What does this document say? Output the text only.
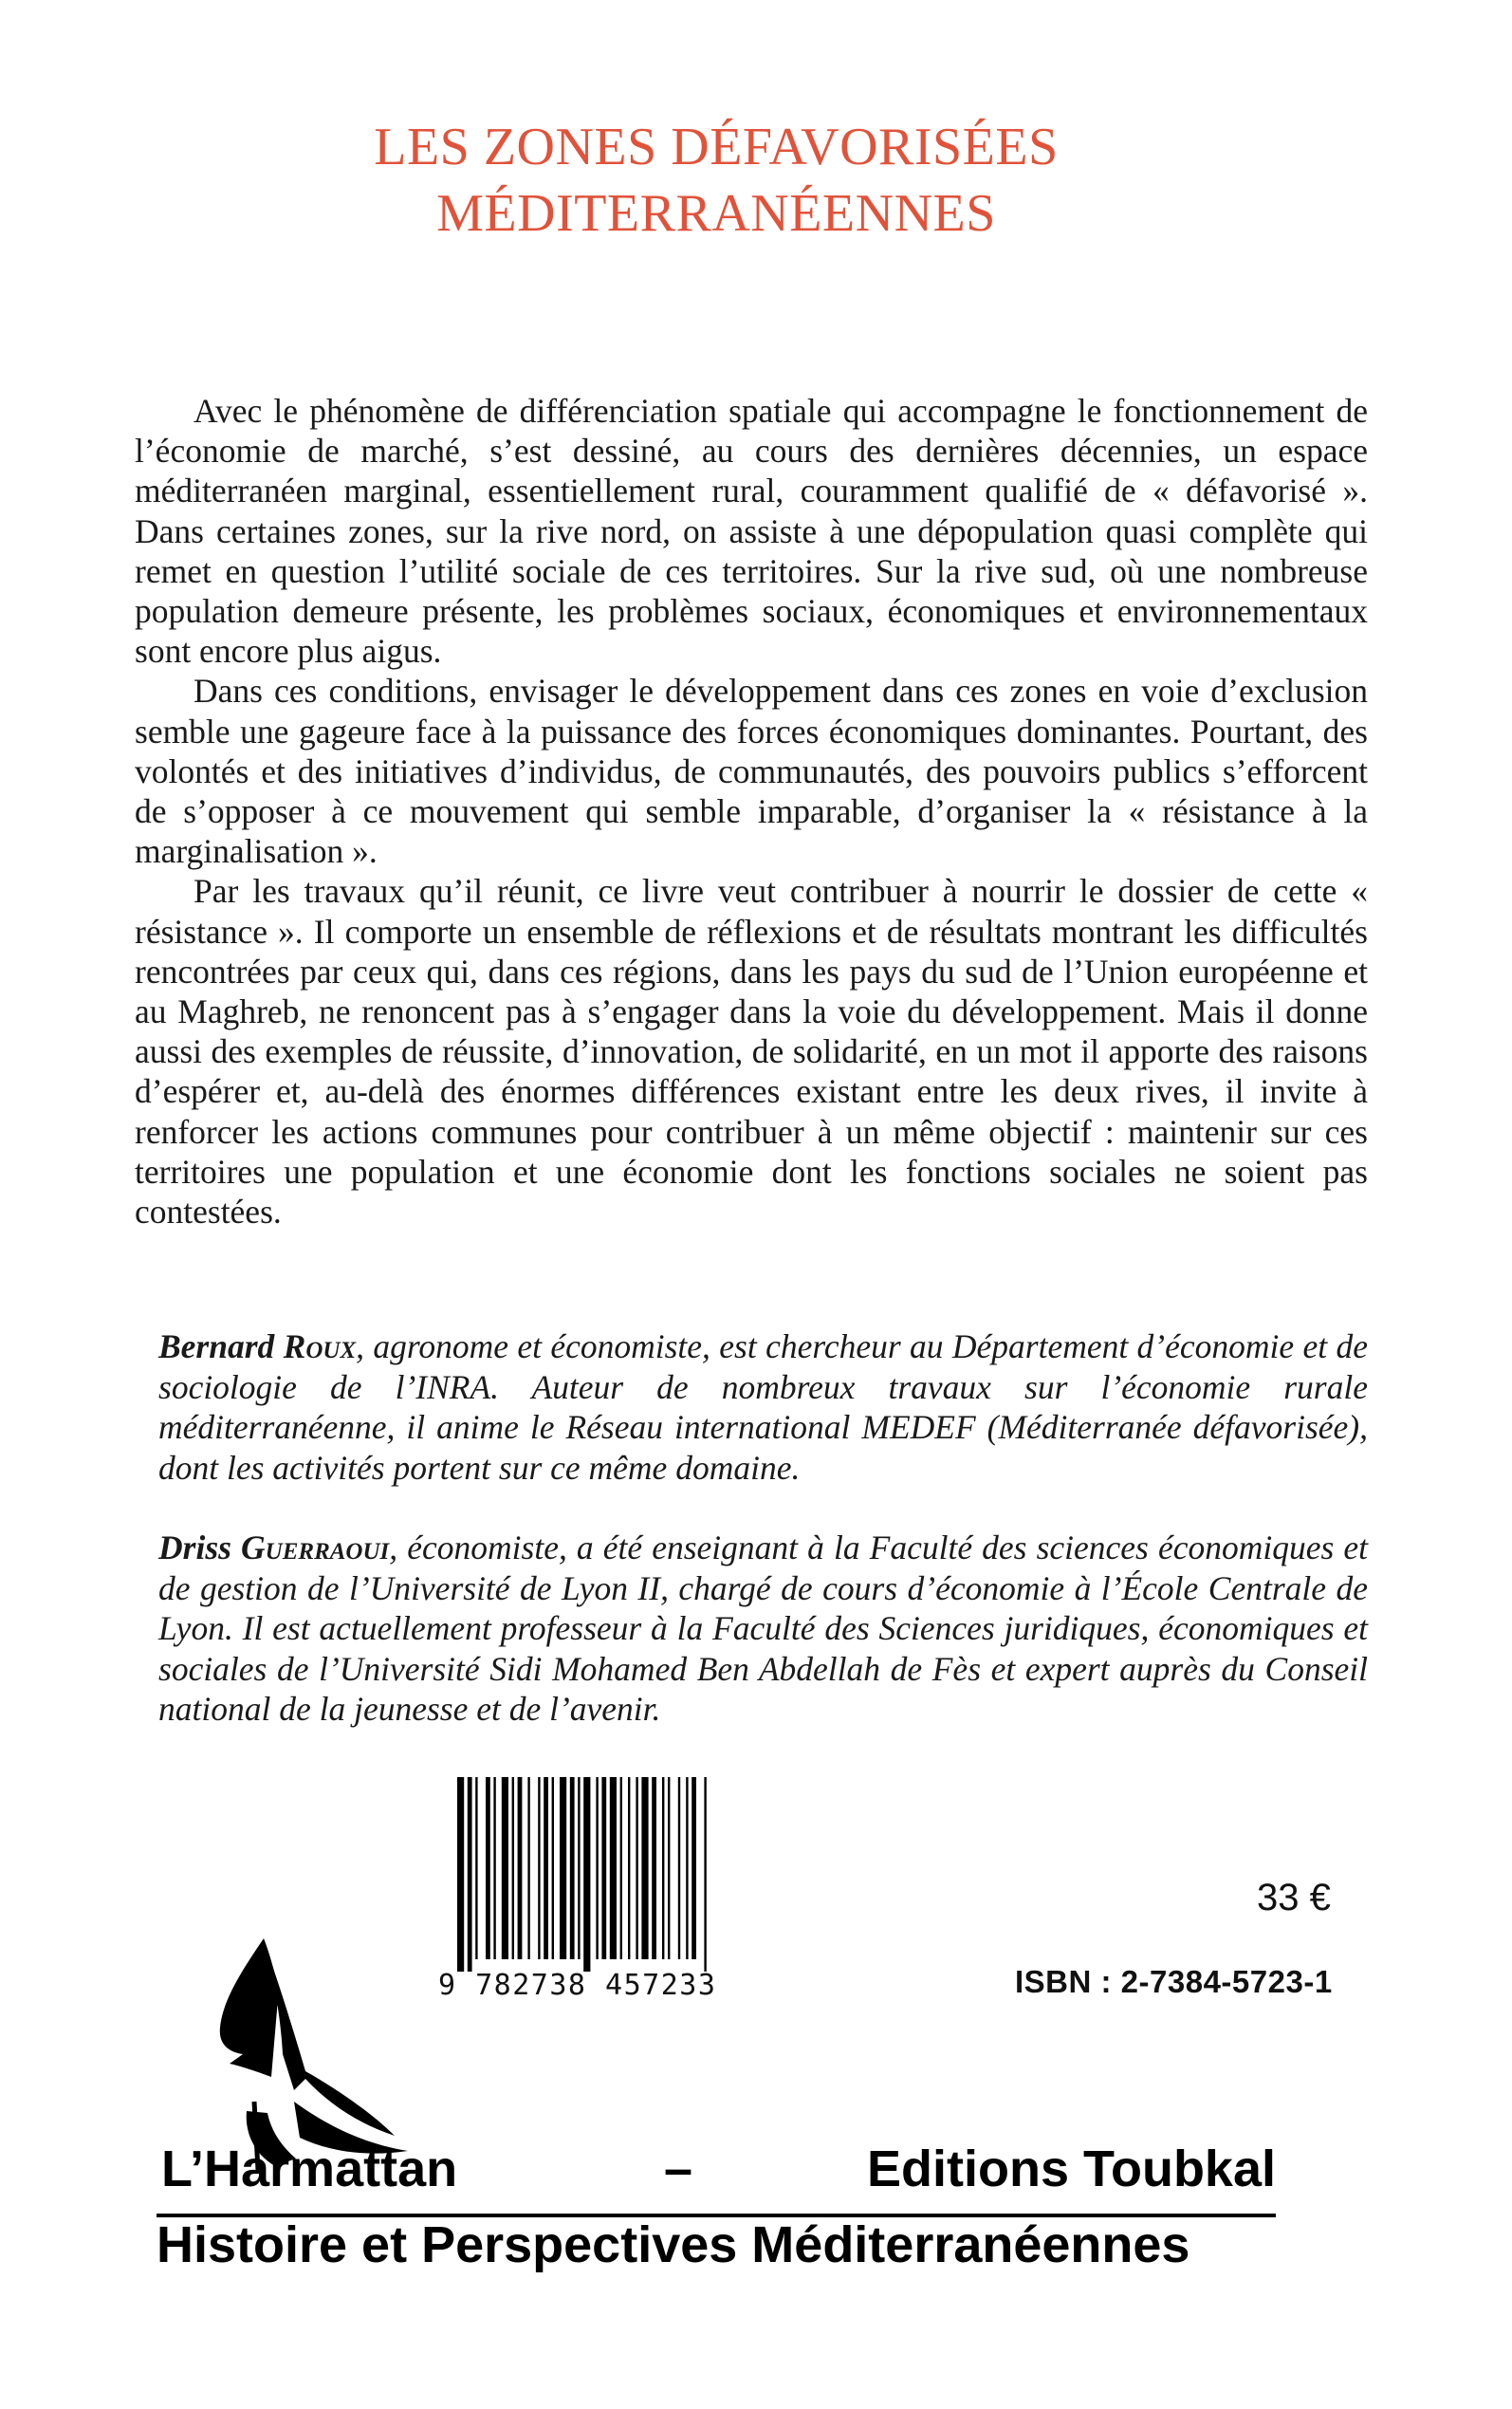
LES ZONES DÉFAVORISÉES
MÉDITERRANÉENNES

Avec le phénomène de différenciation spatiale qui accompagne le fonctionnement de l’économie de marché, s’est dessiné, au cours des dernières décennies, un espace méditerranéen marginal, essentiellement rural, couramment qualifié de « défavorisé ». Dans certaines zones, sur la rive nord, on assiste à une dépopulation quasi complète qui remet en question l’utilité sociale de ces territoires. Sur la rive sud, où une nombreuse population demeure présente, les problèmes sociaux, économiques et environnementaux sont encore plus aigus.

Dans ces conditions, envisager le développement dans ces zones en voie d’exclusion semble une gageure face à la puissance des forces économiques dominantes. Pourtant, des volontés et des initiatives d’individus, de communautés, des pouvoirs publics s’efforcent de s’opposer à ce mouvement qui semble imparable, d’organiser la « résistance à la marginalisation ».

Par les travaux qu’il réunit, ce livre veut contribuer à nourrir le dossier de cette « résistance ». Il comporte un ensemble de réflexions et de résultats montrant les difficultés rencontrées par ceux qui, dans ces régions, dans les pays du sud de l’Union européenne et au Maghreb, ne renoncent pas à s’engager dans la voie du développement. Mais il donne aussi des exemples de réussite, d’innovation, de solidarité, en un mot il apporte des raisons d’espérer et, au-delà des énormes différences existant entre les deux rives, il invite à renforcer les actions communes pour contribuer à un même objectif : maintenir sur ces territoires une population et une économie dont les fonctions sociales ne soient pas contestées.

Bernard Roux, agronome et économiste, est chercheur au Département d’économie et de sociologie de l’INRA. Auteur de nombreux travaux sur l’économie rurale méditerranéenne, il anime le Réseau international MEDEF (Méditerranée défavorisée), dont les activités portent sur ce même domaine.
Driss Guerraoui, économiste, a été enseignant à la Faculté des sciences économiques et de gestion de l’Université de Lyon II, chargé de cours d’économie à l’École Centrale de Lyon. Il est actuellement professeur à la Faculté des Sciences juridiques, économiques et sociales de l’Université Sidi Mohamed Ben Abdellah de Fès et expert auprès du Conseil national de la jeunesse et de l’avenir.
9 782738 457233
33 €
ISBN : 2-7384-5723-1
L’Harmattan	–	Editions Toubkal
Histoire et Perspectives Méditerranéennes
